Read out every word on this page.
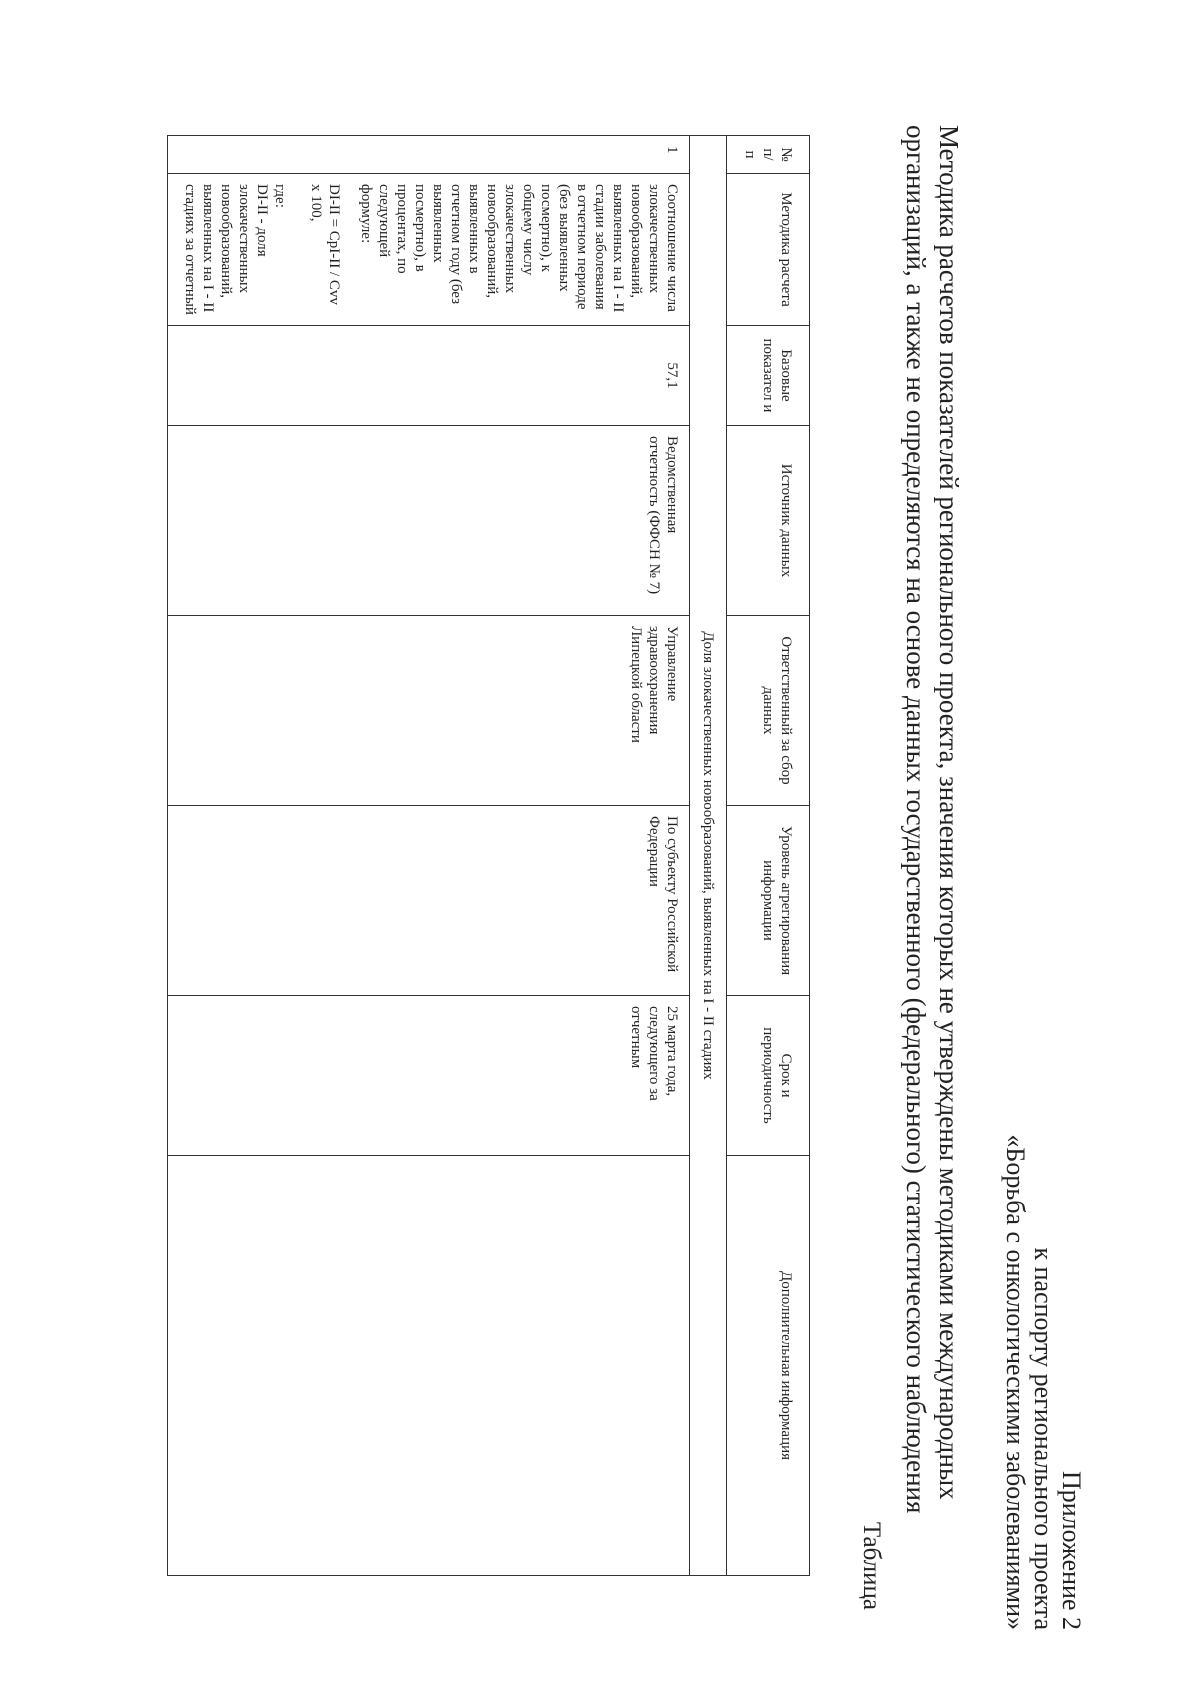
Приложение 2
к паспорту регионального проекта
«Борьба с онкологическими заболеваниями»

Методика расчетов показателей регионального проекта, значения которых не утверждены методиками международных

организаций, а также не определяются на основе данных государственного (федерального) статистического наблюдения

Таблица
№ п/п	Методика расчета	Базовые показател и	Источник данных	Ответственный за сбор данных	Уровень агрегирования информации	Срок и периодичность	Дополнительная информация
Доля злокачественных новообразований, выявленных на I - II стадиях							
1	Соотношение числа злокачественных новообразований, выявленных на I - II стадии заболевания в отчетном периоде (без выявленных посмертно), к общему числу злокачественных новообразований, выявленных в отчетном году (без выявленных посмертно), в процентах, по следующей формуле:
DI-II = CpI-II / Cvv x 100,
где:
DI-II - доля злокачественных новообразований, выявленных на I - II стадиях за отчетный	57,1	Ведомственная отчетность (ФФСН № 7)	Управление здравоохранения Липецкой области	По субъекту Российской Федерации	25 марта года, следующего за отчетным	
